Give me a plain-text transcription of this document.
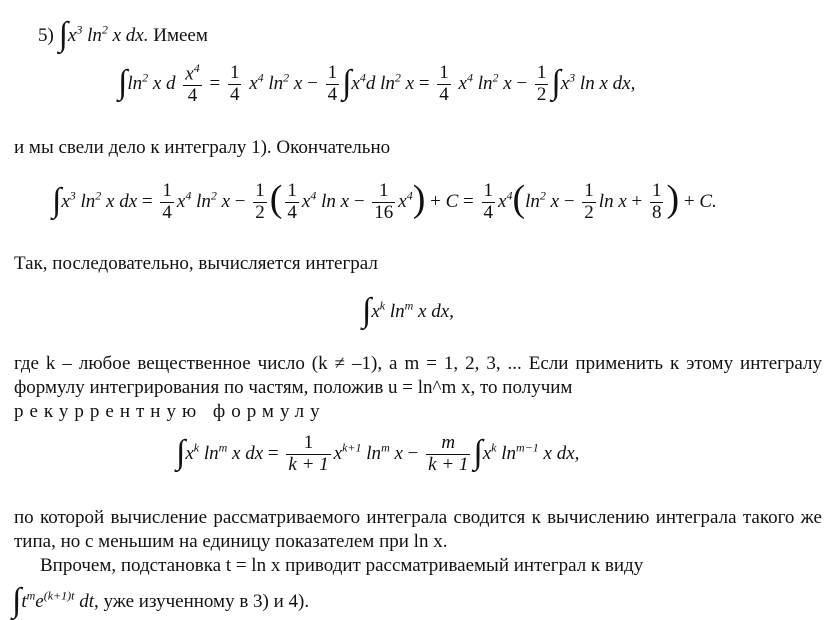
5) $\int x^3$ $\ln^2 x$ dx. Имеем
$\int\ln^2$ x d $\frac{x^4}{4} = \frac{1}{4} x^4$ $\ln^2 x - \frac{1}{4} \int x^4d$ $\ln^2 x = \frac{1}{4} x^4$ $\ln^2 x - \frac{1}{2} \int x^3$ ln x dx,
и мы свели дело к интегралу 1). Окончательно
$\int x^3$ $\ln^2 x$ dx = $\frac{1}{4} x^4$ $\ln^2 x - \frac{1}{2}$ ( $\frac{1}{4} x^4$ $\ln x - \frac{1}{16} x^4) + C = \frac{1}{4} x^4(\ln^2$ $x - \frac{1}{2}$ $\ln x + \frac{1}{8}$ ) + C.
Так, последовательно, вычисляется интеграл
$\int x^k$ $\ln^m x$ dx,
где k – любое вещественное число (k ≠ –1), а m = 1, 2, 3, ... Если применить к этому интегралу формулу интегрирования по частям, положив u = ln^m x, то получим
рекуррентную формулу
$\int x^k$ $\ln^m x$ dx = $\frac{1}{k + 1} x^{k+1}$ $\ln^m x - \frac{m}{k + 1} \int x^k$ $\ln^{m-1} x$ dx,
по которой вычисление рассматриваемого интеграла сводится к вычислению интеграла такого же типа, но с меньшим на единицу показателем при ln x.
Впрочем, подстановка t = ln x приводит рассматриваемый интеграл к виду
$\int t^me^{(k+1)t}$ dt, уже изученному в 3) и 4).
